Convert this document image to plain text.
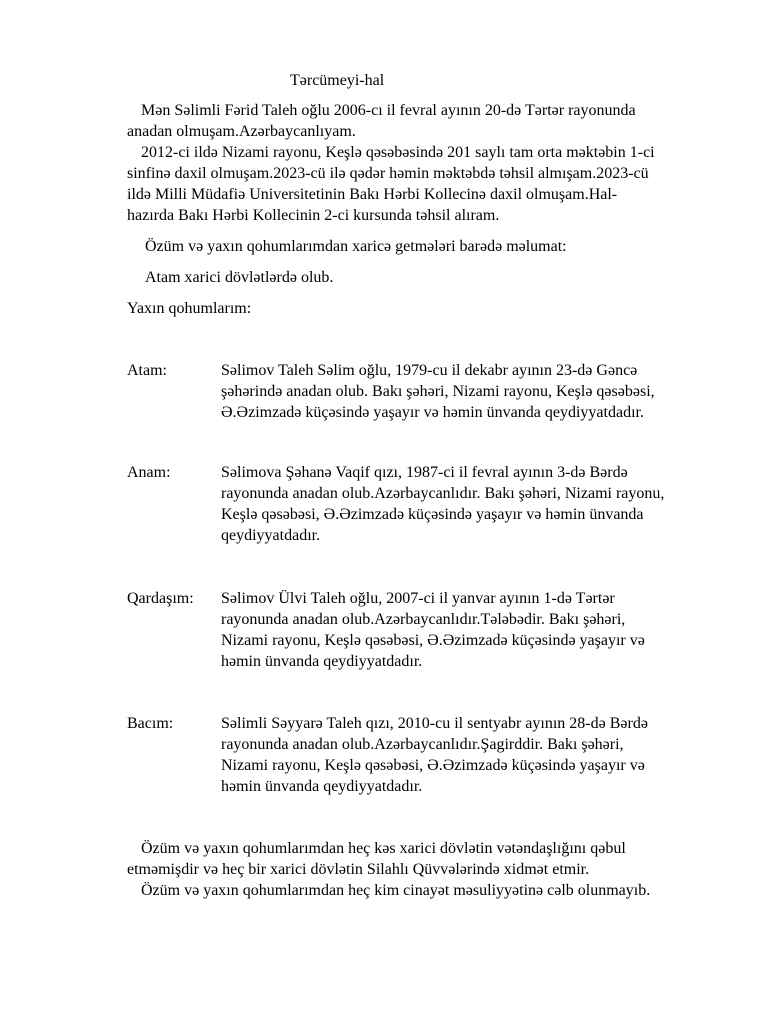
Tərcümeyi-hal
Mən Səlimli Fərid Taleh oğlu 2006-cı il fevral ayının 20-də Tərtər rayonunda
anadan olmuşam.Azərbaycanlıyam.
2012-ci ildə Nizami rayonu, Keşlə qəsəbəsində 201 saylı tam orta məktəbin 1-ci
sinfinə daxil olmuşam.2023-cü ilə qədər həmin məktəbdə təhsil almışam.2023-cü
ildə Milli Müdafiə Universitetinin Bakı Hərbi Kollecinə daxil olmuşam.Hal-
hazırda Bakı Hərbi Kollecinin 2-ci kursunda təhsil alıram.
Özüm və yaxın qohumlarımdan xaricə getmələri barədə məlumat:
Atam xarici dövlətlərdə olub.
Yaxın qohumlarım:
Atam:	Səlimov Taleh Səlim oğlu, 1979-cu il dekabr ayının 23-də Gəncə
şəhərində anadan olub. Bakı şəhəri, Nizami rayonu, Keşlə qəsəbəsi,
Ə.Əzimzadə küçəsində yaşayır və həmin ünvanda qeydiyyatdadır.
Anam:	Səlimova Şəhanə Vaqif qızı, 1987-ci il fevral ayının 3-də Bərdə
rayonunda anadan olub.Azərbaycanlıdır. Bakı şəhəri, Nizami rayonu,
Keşlə qəsəbəsi, Ə.Əzimzadə küçəsində yaşayır və həmin ünvanda
qeydiyyatdadır.
Qardaşım: Səlimov Ülvi Taleh oğlu, 2007-ci il yanvar ayının 1-də Tərtər
rayonunda anadan olub.Azərbaycanlıdır.Tələbədir. Bakı şəhəri,
Nizami rayonu, Keşlə qəsəbəsi, Ə.Əzimzadə küçəsində yaşayır və
həmin ünvanda qeydiyyatdadır.
Bacım:	Səlimli Səyyarə Taleh qızı, 2010-cu il sentyabr ayının 28-də Bərdə
rayonunda anadan olub.Azərbaycanlıdır.Şagirddir. Bakı şəhəri,
Nizami rayonu, Keşlə qəsəbəsi, Ə.Əzimzadə küçəsində yaşayır və
həmin ünvanda qeydiyyatdadır.
Özüm və yaxın qohumlarımdan heç kəs xarici dövlətin vətəndaşlığını qəbul
etməmişdir və heç bir xarici dövlətin Silahlı Qüvvələrində xidmət etmir.
Özüm və yaxın qohumlarımdan heç kim cinayət məsuliyyətinə cəlb olunmayıb.
